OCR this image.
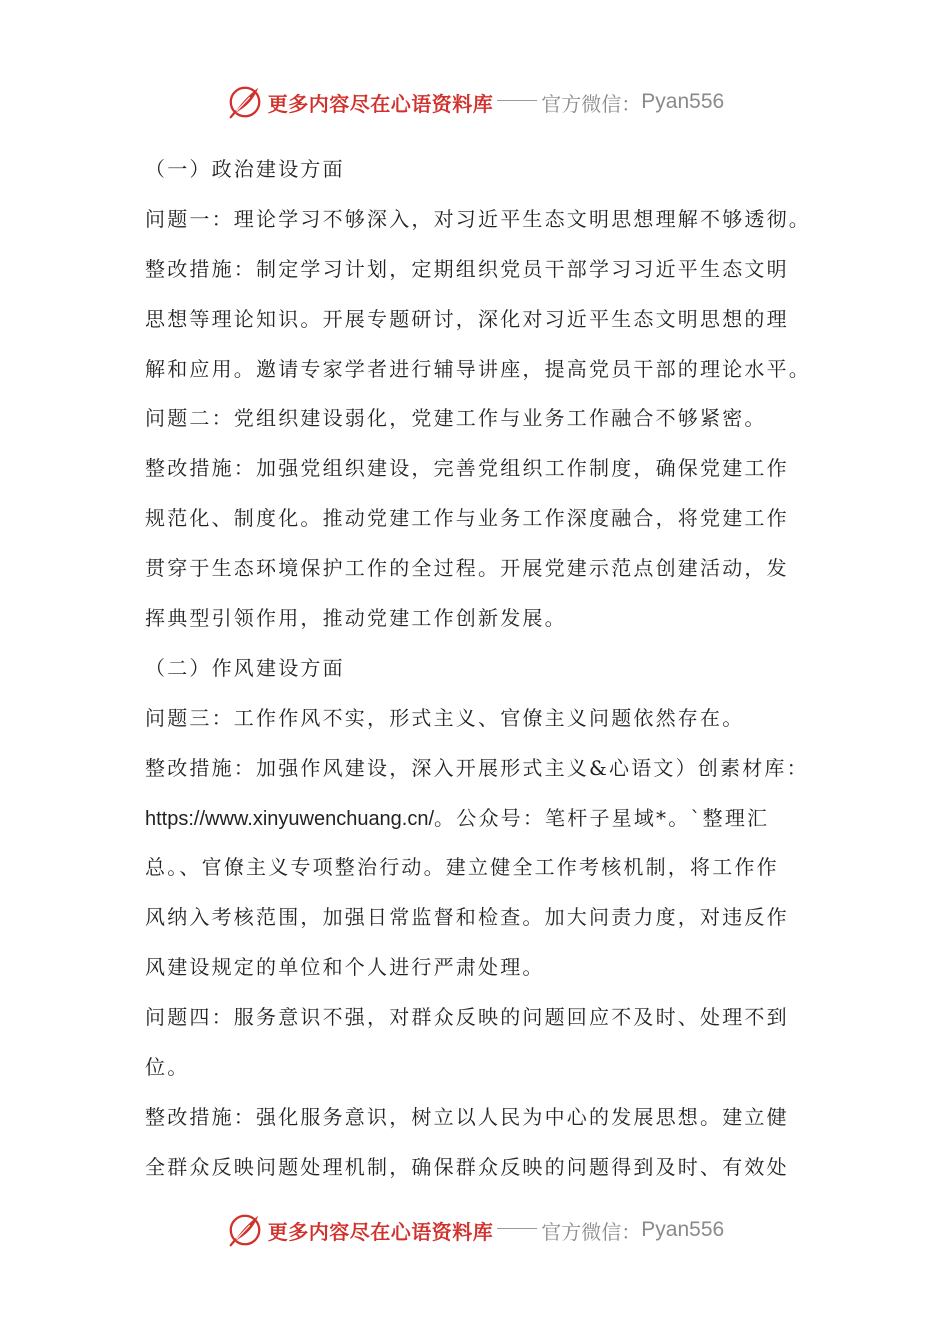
更多内容尽在心语资料库 官方微信： Pyan556
（一）政治建设方面
问题一：理论学习不够深入，对习近平生态文明思想理解不够透彻。
整改措施：制定学习计划，定期组织党员干部学习习近平生态文明
思想等理论知识。开展专题研讨，深化对习近平生态文明思想的理
解和应用。邀请专家学者进行辅导讲座，提高党员干部的理论水平。
问题二：党组织建设弱化，党建工作与业务工作融合不够紧密。
整改措施：加强党组织建设，完善党组织工作制度，确保党建工作
规范化、制度化。推动党建工作与业务工作深度融合，将党建工作
贯穿于生态环境保护工作的全过程。开展党建示范点创建活动，发
挥典型引领作用，推动党建工作创新发展。
（二）作风建设方面
问题三：工作作风不实，形式主义、官僚主义问题依然存在。
整改措施：加强作风建设，深入开展形式主义&心语文）创素材库：
https://www.xinyuwenchuang.cn/。公众号：笔杆子星域*。`整理汇
总。、官僚主义专项整治行动。建立健全工作考核机制，将工作作
风纳入考核范围，加强日常监督和检查。加大问责力度，对违反作
风建设规定的单位和个人进行严肃处理。
问题四：服务意识不强，对群众反映的问题回应不及时、处理不到
位。
整改措施：强化服务意识，树立以人民为中心的发展思想。建立健
全群众反映问题处理机制，确保群众反映的问题得到及时、有效处
更多内容尽在心语资料库 官方微信： Pyan556
